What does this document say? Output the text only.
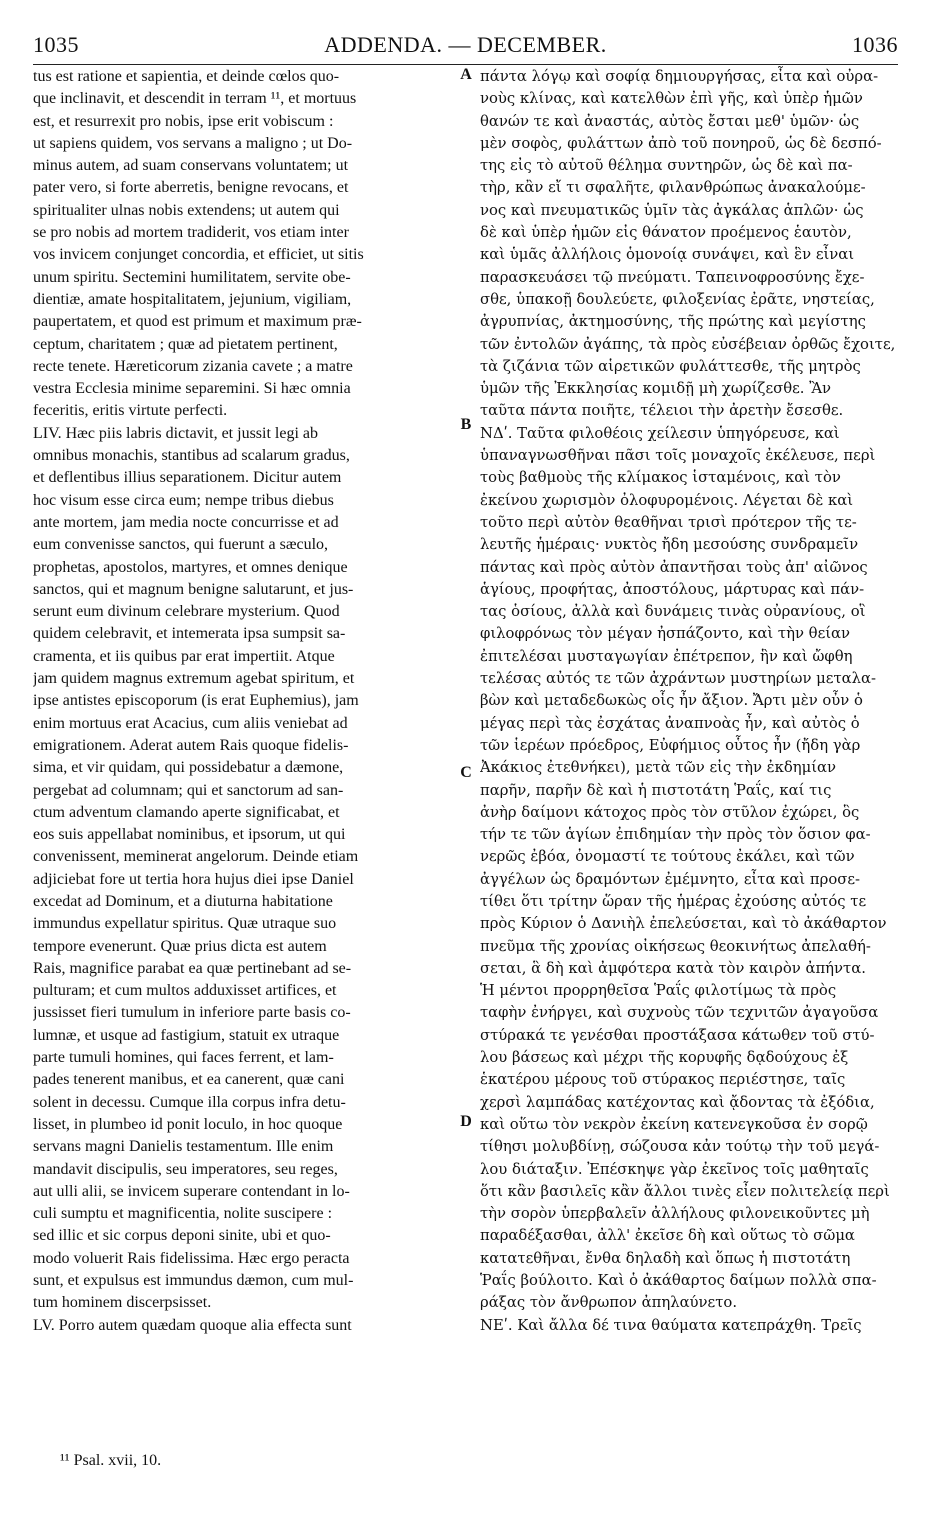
1035	ADDENDA. — DECEMBER.	1036
tus est ratione et sapientia, et deinde cœlos quo-
que inclinavit, et descendit in terram ¹¹, et mortuus
est, et resurrexit pro nobis, ipse erit vobiscum :
ut sapiens quidem, vos servans a maligno ; ut Do-
minus autem, ad suam conservans voluntatem; ut
pater vero, si forte aberretis, benigne revocans, et
spiritualiter ulnas nobis extendens; ut autem qui
se pro nobis ad mortem tradiderit, vos etiam inter
vos invicem conjunget concordia, et efficiet, ut sitis
unum spiritu. Sectemini humilitatem, servite obe-
dientiæ, amate hospitalitatem, jejunium, vigiliam,
paupertatem, et quod est primum et maximum præ-
ceptum, charitatem ; quæ ad pietatem pertinent,
recte tenete. Hæreticorum zizania cavete ; a matre
vestra Ecclesia minime separemini. Si hæc omnia
feceritis, eritis virtute perfecti.
LIV. Hæc piis labris dictavit, et jussit legi ab
omnibus monachis, stantibus ad scalarum gradus,
et deflentibus illius separationem. Dicitur autem
hoc visum esse circa eum; nempe tribus diebus
ante mortem, jam media nocte concurrisse et ad
eum convenisse sanctos, qui fuerunt a sæculo,
prophetas, apostolos, martyres, et omnes denique
sanctos, qui et magnum benigne salutarunt, et jus-
serunt eum divinum celebrare mysterium. Quod
quidem celebravit, et intemerata ipsa sumpsit sa-
cramenta, et iis quibus par erat impertiit. Atque
jam quidem magnus extremum agebat spiritum, et
ipse antistes episcoporum (is erat Euphemius), jam
enim mortuus erat Acacius, cum aliis veniebat ad
emigrationem. Aderat autem Rais quoque fidelis-
sima, et vir quidam, qui possidebatur a dæmone,
pergebat ad columnam; qui et sanctorum ad san-
ctum adventum clamando aperte significabat, et
eos suis appellabat nominibus, et ipsorum, ut qui
convenissent, meminerat angelorum. Deinde etiam
adjiciebat fore ut tertia hora hujus diei ipse Daniel
excedat ad Dominum, et a diuturna habitatione
immundus expellatur spiritus. Quæ utraque suo
tempore evenerunt. Quæ prius dicta est autem
Rais, magnifice parabat ea quæ pertinebant ad se-
pulturam; et cum multos adduxisset artifices, et
jussisset fieri tumulum in inferiore parte basis co-
lumnæ, et usque ad fastigium, statuit ex utraque
parte tumuli homines, qui faces ferrent, et lam-
pades tenerent manibus, et ea canerent, quæ cani
solent in decessu. Cumque illa corpus infra detu-
lisset, in plumbeo id ponit loculo, in hoc quoque
servans magni Danielis testamentum. Ille enim
mandavit discipulis, seu imperatores, seu reges,
aut ulli alii, se invicem superare contendant in lo-
culi sumptu et magnificentia, nolite suscipere :
sed illic et sic corpus deponi sinite, ubi et quo-
modo voluerit Rais fidelissima. Hæc ergo peracta
sunt, et expulsus est immundus dæmon, cum mul-
tum hominem discerpsisset.
LV. Porro autem quædam quoque alia effecta sunt
A
B
C
D
πάντα λόγῳ καὶ σοφίᾳ δημιουργήσας, εἶτα καὶ οὐρα-
νοὺς κλίνας, καὶ κατελθὼν ἐπὶ γῆς, καὶ ὑπὲρ ἡμῶν
θανών τε καὶ ἀναστάς, αὐτὸς ἔσται μεθ' ὑμῶν· ὡς
μὲν σοφὸς, φυλάττων ἀπὸ τοῦ πονηροῦ, ὡς δὲ δεσπό-
της εἰς τὸ αὐτοῦ θέλημα συντηρῶν, ὡς δὲ καὶ πα-
τὴρ, κἂν εἴ τι σφαλῆτε, φιλανθρώπως ἀνακαλούμε-
νος καὶ πνευματικῶς ὑμῖν τὰς ἀγκάλας ἁπλῶν· ὡς
δὲ καὶ ὑπὲρ ἡμῶν εἰς θάνατον προέμενος ἑαυτὸν,
καὶ ὑμᾶς ἀλλήλοις ὁμονοίᾳ συνάψει, καὶ ἓν εἶναι
παρασκευάσει τῷ πνεύματι. Ταπεινοφροσύνης ἔχε-
σθε, ὑπακοῇ δουλεύετε, φιλοξενίας ἐρᾶτε, νηστείας,
ἀγρυπνίας, ἀκτημοσύνης, τῆς πρώτης καὶ μεγίστης
τῶν ἐντολῶν ἀγάπης, τὰ πρὸς εὐσέβειαν ὀρθῶς ἔχοιτε,
τὰ ζιζάνια τῶν αἱρετικῶν φυλάττεσθε, τῆς μητρὸς
ὑμῶν τῆς Ἐκκλησίας κομιδῇ μὴ χωρίζεσθε. Ἂν
ταῦτα πάντα ποιῆτε, τέλειοι τὴν ἀρετὴν ἔσεσθε.
ΝΔʹ. Ταῦτα φιλοθέοις χείλεσιν ὑπηγόρευσε, καὶ
ὑπαναγνωσθῆναι πᾶσι τοῖς μοναχοῖς ἐκέλευσε, περὶ
τοὺς βαθμοὺς τῆς κλίμακος ἱσταμένοις, καὶ τὸν
ἐκείνου χωρισμὸν ὀλοφυρομένοις. Λέγεται δὲ καὶ
τοῦτο περὶ αὐτὸν θεαθῆναι τρισὶ πρότερον τῆς τε-
λευτῆς ἡμέραις· νυκτὸς ἤδη μεσούσης συνδραμεῖν
πάντας καὶ πρὸς αὐτὸν ἀπαντῆσαι τοὺς ἀπ' αἰῶνος
ἁγίους, προφήτας, ἀποστόλους, μάρτυρας καὶ πάν-
τας ὁσίους, ἀλλὰ καὶ δυνάμεις τινὰς οὐρανίους, οἳ
φιλοφρόνως τὸν μέγαν ἠσπάζοντο, καὶ τὴν θείαν
ἐπιτελέσαι μυσταγωγίαν ἐπέτρεπον, ἣν καὶ ὤφθη
τελέσας αὐτός τε τῶν ἀχράντων μυστηρίων μεταλα-
βὼν καὶ μεταδεδωκὼς οἷς ἦν ἄξιον. Ἄρτι μὲν οὖν ὁ
μέγας περὶ τὰς ἐσχάτας ἀναπνοὰς ἦν, καὶ αὐτὸς ὁ
τῶν ἱερέων πρόεδρος, Εὐφήμιος οὗτος ἦν (ἤδη γὰρ
Ἀκάκιος ἐτεθνήκει), μετὰ τῶν εἰς τὴν ἐκδημίαν
παρῆν, παρῆν δὲ καὶ ἡ πιστοτάτη Ῥαΐς, καί τις
ἀνὴρ δαίμονι κάτοχος πρὸς τὸν στῦλον ἐχώρει, ὃς
τήν τε τῶν ἁγίων ἐπιδημίαν τὴν πρὸς τὸν ὅσιον φα-
νερῶς ἐβόα, ὀνομαστί τε τούτους ἐκάλει, καὶ τῶν
ἀγγέλων ὡς δραμόντων ἐμέμνητο, εἶτα καὶ προσε-
τίθει ὅτι τρίτην ὥραν τῆς ἡμέρας ἐχούσης αὐτός τε
πρὸς Κύριον ὁ Δανιὴλ ἐπελεύσεται, καὶ τὸ ἀκάθαρτον
πνεῦμα τῆς χρονίας οἰκήσεως θεοκινήτως ἀπελαθή-
σεται, ἃ δὴ καὶ ἀμφότερα κατὰ τὸν καιρὸν ἀπήντα.
Ἡ μέντοι προρρηθεῖσα Ῥαΐς φιλοτίμως τὰ πρὸς
ταφὴν ἐνήργει, καὶ συχνοὺς τῶν τεχνιτῶν ἀγαγοῦσα
στύρακά τε γενέσθαι προστάξασα κάτωθεν τοῦ στύ-
λου βάσεως καὶ μέχρι τῆς κορυφῆς δᾳδούχους ἐξ
ἑκατέρου μέρους τοῦ στύρακος περιέστησε, ταῖς
χερσὶ λαμπάδας κατέχοντας καὶ ᾄδοντας τὰ ἐξόδια,
καὶ οὕτω τὸν νεκρὸν ἐκείνη κατενεγκοῦσα ἐν σορῷ
τίθησι μολυβδίνῃ, σώζουσα κἀν τούτῳ τὴν τοῦ μεγά-
λου διάταξιν. Ἐπέσκηψε γὰρ ἐκεῖνος τοῖς μαθηταῖς
ὅτι κἂν βασιλεῖς κἂν ἄλλοι τινὲς εἶεν πολιτελείᾳ περὶ
τὴν σορὸν ὑπερβαλεῖν ἀλλήλους φιλονεικοῦντες μὴ
παραδέξασθαι, ἀλλ' ἐκεῖσε δὴ καὶ οὕτως τὸ σῶμα
κατατεθῆναι, ἔνθα δηλαδὴ καὶ ὅπως ἡ πιστοτάτη
Ῥαΐς βούλοιτο. Καὶ ὁ ἀκάθαρτος δαίμων πολλὰ σπα-
ράξας τὸν ἄνθρωπον ἀπηλαύνετο.
ΝΕʹ. Καὶ ἄλλα δέ τινα θαύματα κατεπράχθη. Τρεῖς
¹¹ Psal. xvii, 10.
